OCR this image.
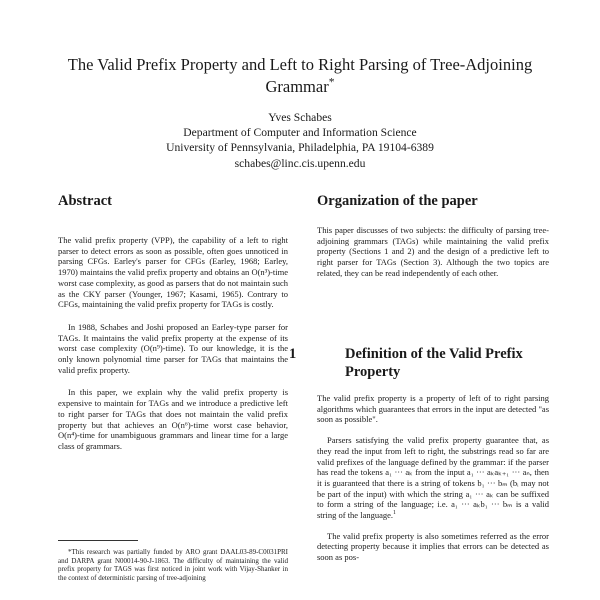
The Valid Prefix Property and Left to Right Parsing of Tree-Adjoining Grammar*
Yves Schabes
Department of Computer and Information Science
University of Pennsylvania, Philadelphia, PA 19104-6389
schabes@linc.cis.upenn.edu
Abstract

The valid prefix property (VPP), the capability of a left to right parser to detect errors as soon as possible, often goes unnoticed in parsing CFGs. Earley's parser for CFGs (Earley, 1968; Earley, 1970) maintains the valid prefix property and obtains an O(n³)-time worst case complexity, as good as parsers that do not maintain such as the CKY parser (Younger, 1967; Kasami, 1965). Contrary to CFGs, maintaining the valid prefix property for TAGs is costly.

In 1988, Schabes and Joshi proposed an Earley-type parser for TAGs. It maintains the valid prefix property at the expense of its worst case complexity (O(n⁹)-time). To our knowledge, it is the only known polynomial time parser for TAGs that maintains the valid prefix property.

In this paper, we explain why the valid prefix property is expensive to maintain for TAGs and we introduce a predictive left to right parser for TAGs that does not maintain the valid prefix property but that achieves an O(n⁶)-time worst case behavior, O(n⁴)-time for unambiguous grammars and linear time for a large class of grammars.

*This research was partially funded by ARO grant DAAL03-89-C0031PRI and DARPA grant N00014-90-J-1863. The difficulty of maintaining the valid prefix property for TAGS was first noticed in joint work with Vijay-Shanker in the context of deterministic parsing of tree-adjoining

Organization of the paper

This paper discusses of two subjects: the difficulty of parsing tree-adjoining grammars (TAGs) while maintaining the valid prefix property (Sections 1 and 2) and the design of a predictive left to right parser for TAGs (Section 3). Although the two topics are related, they can be read independently of each other.

1	Definition of the Valid Prefix Property

The valid prefix property is a property of left of to right parsing algorithms which guarantees that errors in the input are detected "as soon as possible".

Parsers satisfying the valid prefix property guarantee that, as they read the input from left to right, the substrings read so far are valid prefixes of the language defined by the grammar: if the parser has read the tokens a₁ ··· aₖ from the input a₁ ··· aₖaₖ₊₁ ··· aₙ, then it is guaranteed that there is a string of tokens b₁ ··· bₘ (bᵢ may not be part of the input) with which the string a₁ ··· aₖ can be suffixed to form a string of the language; i.e. a₁ ··· aₖb₁ ··· bₘ is a valid string of the language.$^1$

The valid prefix property is also sometimes referred as the error detecting property because it implies that errors can be detected as soon as pos-
